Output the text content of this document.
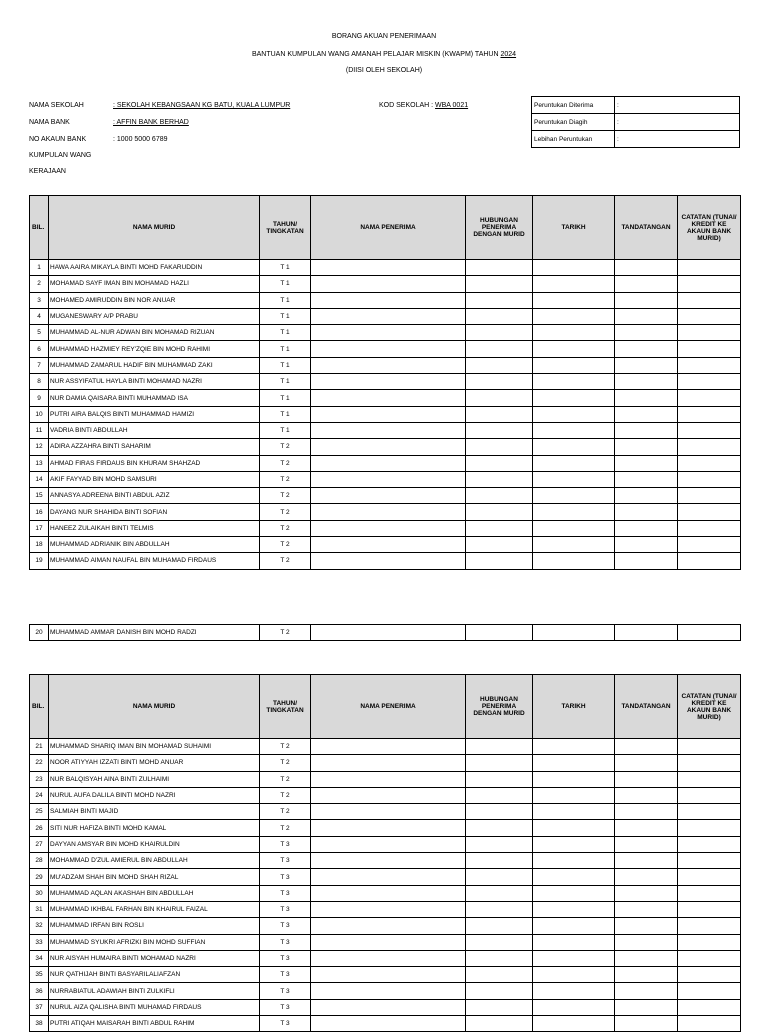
BORANG AKUAN PENERIMAAN
BANTUAN KUMPULAN WANG AMANAH PELAJAR MISKIN (KWAPM) TAHUN 2024
(DIISI OLEH SEKOLAH)
NAMA SEKOLAH	: SEKOLAH KEBANGSAAN KG BATU, KUALA LUMPUR
NAMA BANK	: AFFIN BANK BERHAD
NO AKAUN BANK	: 1000 5000 6789
KUMPULAN WANG
KERAJAAN
KOD SEKOLAH : WBA 0021	Peruntukan Diterima	:
Peruntukan Diagih	:
Lebihan Peruntukan	:
BIL.	NAMA MURID	TAHUN/ TINGKATAN	NAMA PENERIMA	HUBUNGAN PENERIMA DENGAN MURID	TARIKH	TANDATANGAN	CATATAN (TUNAI/ KREDIT KE AKAUN BANK MURID)
1	HAWA AAIRA MIKAYLA BINTI MOHD FAKARUDDIN	T 1					
2	MOHAMAD SAYF IMAN BIN MOHAMAD HAZLI	T 1					
3	MOHAMED AMIRUDDIN BIN NOR ANUAR	T 1					
4	MUGANESWARY A/P PRABU	T 1					
5	MUHAMMAD AL-NUR ADWAN BIN MOHAMAD RIZUAN	T 1					
6	MUHAMMAD HAZMIEY REY'ZQIE BIN MOHD RAHIMI	T 1					
7	MUHAMMAD ZAMARUL HADIF BIN MUHAMMAD ZAKI	T 1					
8	NUR ASSYIFATUL HAYLA BINTI MOHAMAD NAZRI	T 1					
9	NUR DAMIA QAISARA BINTI MUHAMMAD ISA	T 1					
10	PUTRI AIRA BALQIS BINTI MUHAMMAD HAMIZI	T 1					
11	VADRIA BINTI ABDULLAH	T 1					
12	ADIRA AZZAHRA BINTI SAHARIM	T 2					
13	AHMAD FIRAS FIRDAUS BIN KHURAM SHAHZAD	T 2					
14	AKIF FAYYAD BIN MOHD SAMSURI	T 2					
15	ANNASYA ADREENA BINTI ABDUL AZIZ	T 2					
16	DAYANG NUR SHAHIDA BINTI SOFIAN	T 2					
17	HANEEZ ZULAIKAH BINTI TELMIS	T 2					
18	MUHAMMAD ADRIANIK BIN ABDULLAH	T 2					
19	MUHAMMAD AIMAN NAUFAL BIN MUHAMAD FIRDAUS	T 2					
20	MUHAMMAD AMMAR DANISH BIN MOHD RADZI	T 2					
BIL.	NAMA MURID	TAHUN/ TINGKATAN	NAMA PENERIMA	HUBUNGAN PENERIMA DENGAN MURID	TARIKH	TANDATANGAN	CATATAN (TUNAI/ KREDIT KE AKAUN BANK MURID)
21	MUHAMMAD SHARIQ IMAN BIN MOHAMAD SUHAIMI	T 2					
22	NOOR ATIYYAH IZZATI BINTI MOHD ANUAR	T 2					
23	NUR BALQISYAH AINA BINTI ZULHAIMI	T 2					
24	NURUL AUFA DALILA BINTI MOHD NAZRI	T 2					
25	SALMIAH BINTI MAJID	T 2					
26	SITI NUR HAFIZA BINTI MOHD KAMAL	T 2					
27	DAYYAN AMSYAR BIN MOHD KHAIRULDIN	T 3					
28	MOHAMMAD D'ZUL AMIERUL BIN ABDULLAH	T 3					
29	MU'ADZAM SHAH BIN MOHD SHAH RIZAL	T 3					
30	MUHAMMAD AQLAN AKASHAH BIN ABDULLAH	T 3					
31	MUHAMMAD IKHBAL FARHAN BIN KHAIRUL FAIZAL	T 3					
32	MUHAMMAD IRFAN BIN ROSLI	T 3					
33	MUHAMMAD SYUKRI AFRIZKI BIN MOHD SUFFIAN	T 3					
34	NUR AISYAH HUMAIRA BINTI MOHAMAD NAZRI	T 3					
35	NUR QATHIJAH BINTI BASYARILALIAFZAN	T 3					
36	NURRABIATUL ADAWIAH BINTI ZULKIFLI	T 3					
37	NURUL AIZA QALISHA BINTI MUHAMAD FIRDAUS	T 3					
38	PUTRI ATIQAH MAISARAH BINTI ABDUL RAHIM	T 3					
